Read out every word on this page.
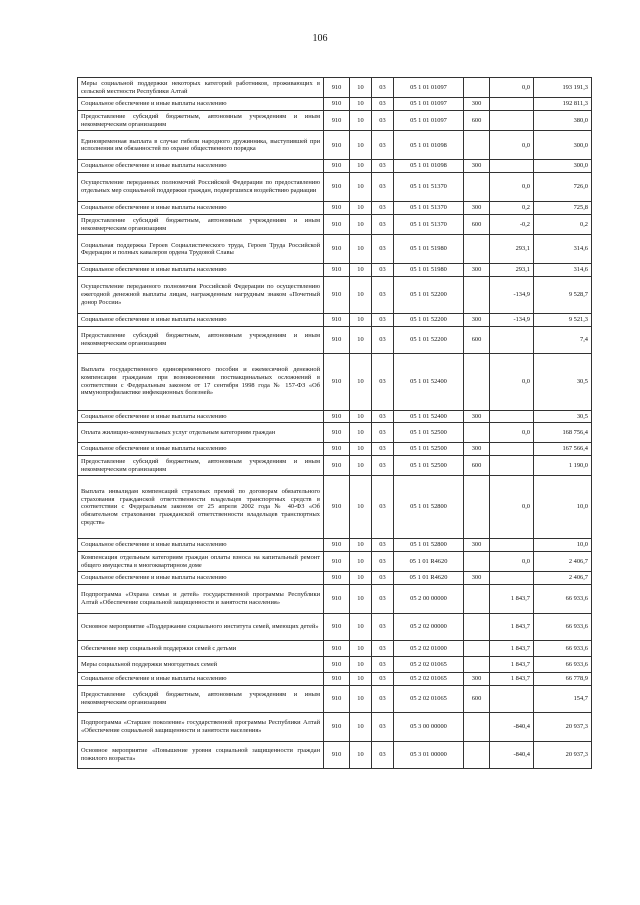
106
Меры социальной поддержки некоторых категорий работников, проживающих в сельской местности Республики Алтай	910	10	03	05 1 01 01097		0,0	193 191,3
Социальное обеспечение и иные выплаты населению	910	10	03	05 1 01 01097	300		192 811,3
Предоставление субсидий бюджетным, автономным учреждениям и иным некоммерческим организациям	910	10	03	05 1 01 01097	600		380,0
Единовременная выплата в случае гибели народного дружинника, выступившей при исполнении им обязанностей по охране общественного порядка	910	10	03	05 1 01 01098		0,0	300,0
Социальное обеспечение и иные выплаты населению	910	10	03	05 1 01 01098	300		300,0
Осуществление переданных полномочий Российской Федерации по предоставлению отдельных мер социальной поддержки граждан, подвергшихся воздействию радиации	910	10	03	05 1 01 51370		0,0	726,0
Социальное обеспечение и иные выплаты населению	910	10	03	05 1 01 51370	300	0,2	725,8
Предоставление субсидий бюджетным, автономным учреждениям и иным некоммерческим организациям	910	10	03	05 1 01 51370	600	-0,2	0,2
Социальная поддержка Героев Социалистического труда, Героев Труда Российской Федерации и полных кавалеров ордена Трудовой Славы	910	10	03	05 1 01 51980		293,1	314,6
Социальное обеспечение и иные выплаты населению	910	10	03	05 1 01 51980	300	293,1	314,6
Осуществление переданного полномочия Российской Федерации по осуществлению ежегодной денежной выплаты лицам, награжденным нагрудным знаком «Почетный донор России»	910	10	03	05 1 01 52200		-134,9	9 528,7
Социальное обеспечение и иные выплаты населению	910	10	03	05 1 01 52200	300	-134,9	9 521,3
Предоставление субсидий бюджетным, автономным учреждениям и иным некоммерческим организациям	910	10	03	05 1 01 52200	600		7,4
Выплата государственного единовременного пособия и ежемесячной денежной компенсации гражданам при возникновении поствакцинальных осложнений в соответствии с Федеральным законом от 17 сентября 1998 года № 157-ФЗ «Об иммунопрофилактике инфекционных болезней»	910	10	03	05 1 01 52400		0,0	30,5
Социальное обеспечение и иные выплаты населению	910	10	03	05 1 01 52400	300		30,5
Оплата жилищно-коммунальных услуг отдельным категориям граждан	910	10	03	05 1 01 52500		0,0	168 756,4
Социальное обеспечение и иные выплаты населению	910	10	03	05 1 01 52500	300		167 566,4
Предоставление субсидий бюджетным, автономным учреждениям и иным некоммерческим организациям	910	10	03	05 1 01 52500	600		1 190,0
Выплата инвалидам компенсаций страховых премий по договорам обязательного страхования гражданской ответственности владельцев транспортных средств в соответствии с Федеральным законом от 25 апреля 2002 года № 40-ФЗ «Об обязательном страховании гражданской ответственности владельцев транспортных средств»	910	10	03	05 1 01 52800		0,0	10,0
Социальное обеспечение и иные выплаты населению	910	10	03	05 1 01 52800	300		10,0
Компенсация отдельным категориям граждан оплаты взноса на капитальный ремонт общего имущества в многоквартирном доме	910	10	03	05 1 01 R4620		0,0	2 406,7
Социальное обеспечение и иные выплаты населению	910	10	03	05 1 01 R4620	300		2 406,7
Подпрограмма «Охрана семьи и детей» государственной программы Республики Алтай «Обеспечение социальной защищенности и занятости населения»	910	10	03	05 2 00 00000		1 843,7	66 933,6
Основное мероприятие «Поддержание социального института семей, имеющих детей»	910	10	03	05 2 02 00000		1 843,7	66 933,6
Обеспечение мер социальной поддержки семей с детьми	910	10	03	05 2 02 01000		1 843,7	66 933,6
Меры социальной поддержки многодетных семей	910	10	03	05 2 02 01065		1 843,7	66 933,6
Социальное обеспечение и иные выплаты населению	910	10	03	05 2 02 01065	300	1 843,7	66 778,9
Предоставление субсидий бюджетным, автономным учреждениям и иным некоммерческим организациям	910	10	03	05 2 02 01065	600		154,7
Подпрограмма «Старшее поколение» государственной программы Республики Алтай «Обеспечение социальной защищенности и занятости населения»	910	10	03	05 3 00 00000		-840,4	20 937,3
Основное мероприятие «Повышение уровня социальной защищенности граждан пожилого возраста»	910	10	03	05 3 01 00000		-840,4	20 937,3
